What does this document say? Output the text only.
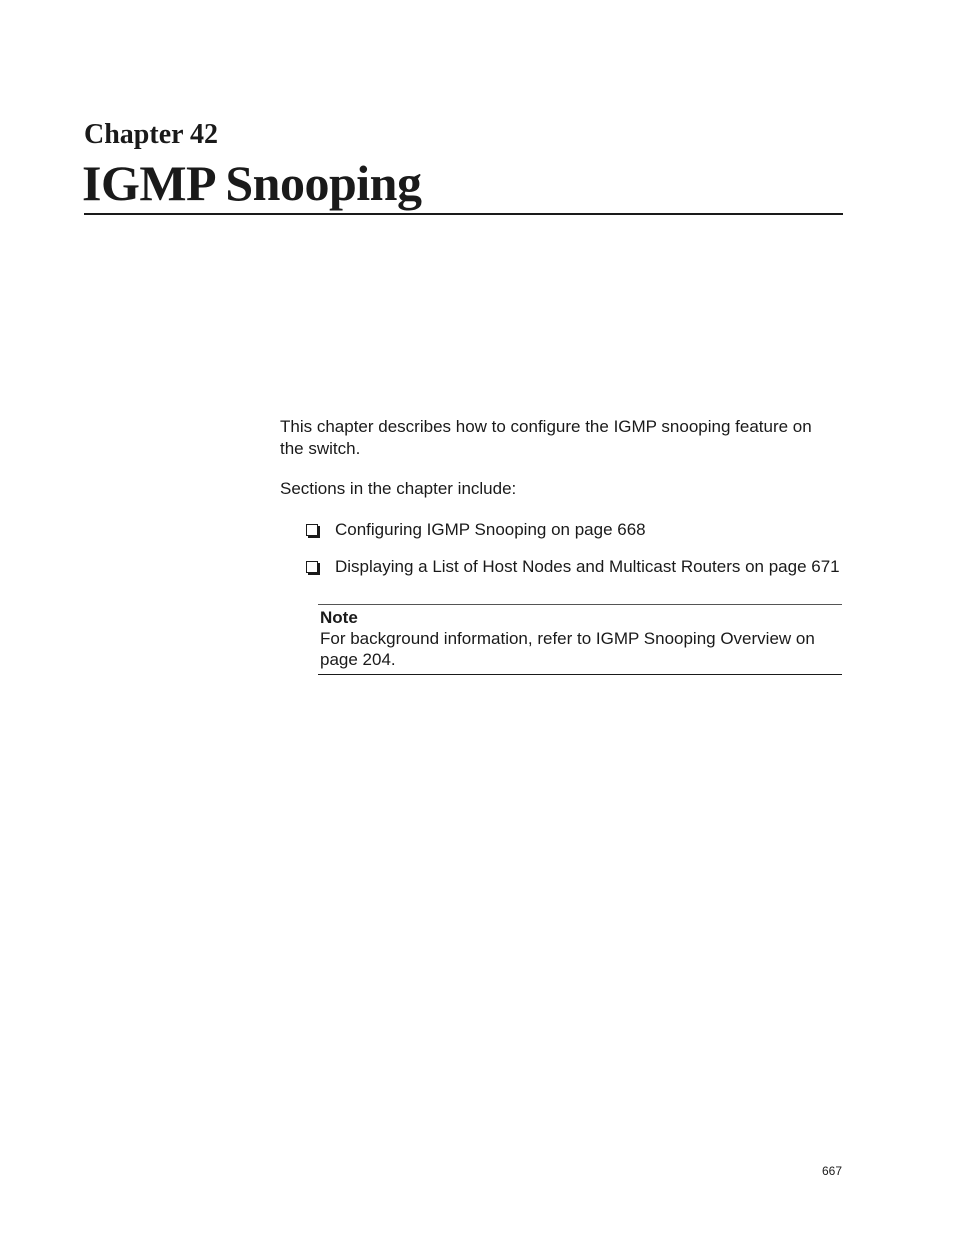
Chapter 42
IGMP Snooping

This chapter describes how to configure the IGMP snooping feature on the switch.

Sections in the chapter include:

Configuring IGMP Snooping on page 668
Displaying a List of Host Nodes and Multicast Routers on page 671

Note

For background information, refer to IGMP Snooping Overview on page 204.

667
